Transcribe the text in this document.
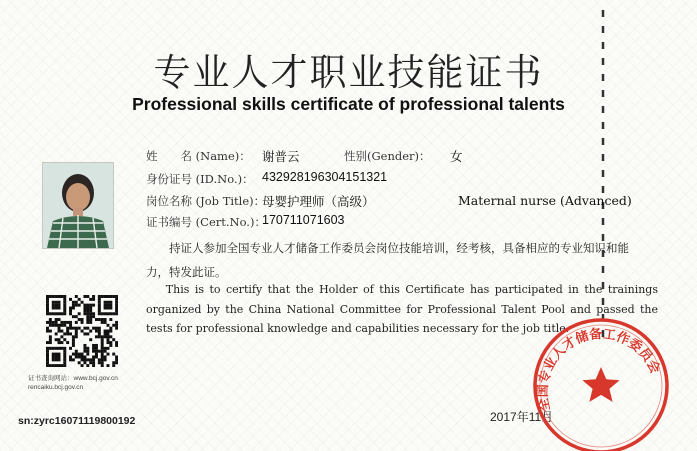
专业人才职业技能证书
Professional skills certificate of professional talents
姓　　名 (Name)： 谢普云	性别(Gender)： 女
身份证号 (ID.No.)： 432928196304151321
岗位名称 (Job Title)：
母婴护理师（高级）	Maternal nurse (Advanced)
证书编号 (Cert.No.)：
170711071603
持证人参加全国专业人才储备工作委员会岗位技能培训，经考核，具备相应的专业知识和能力，特发此证。
This is to certify that the Holder of this Certificate has participated in the trainings organized by the China National Committee for Professional Talent Pool and passed the tests for professional knowledge and capabilities necessary for the job title.
证书查询网站：www.bcj.gov.cn
rencaiku.bcj.gov.cn
sn:zyrc16071119800192	2017年11月
全国专业人才储备工作委员会
